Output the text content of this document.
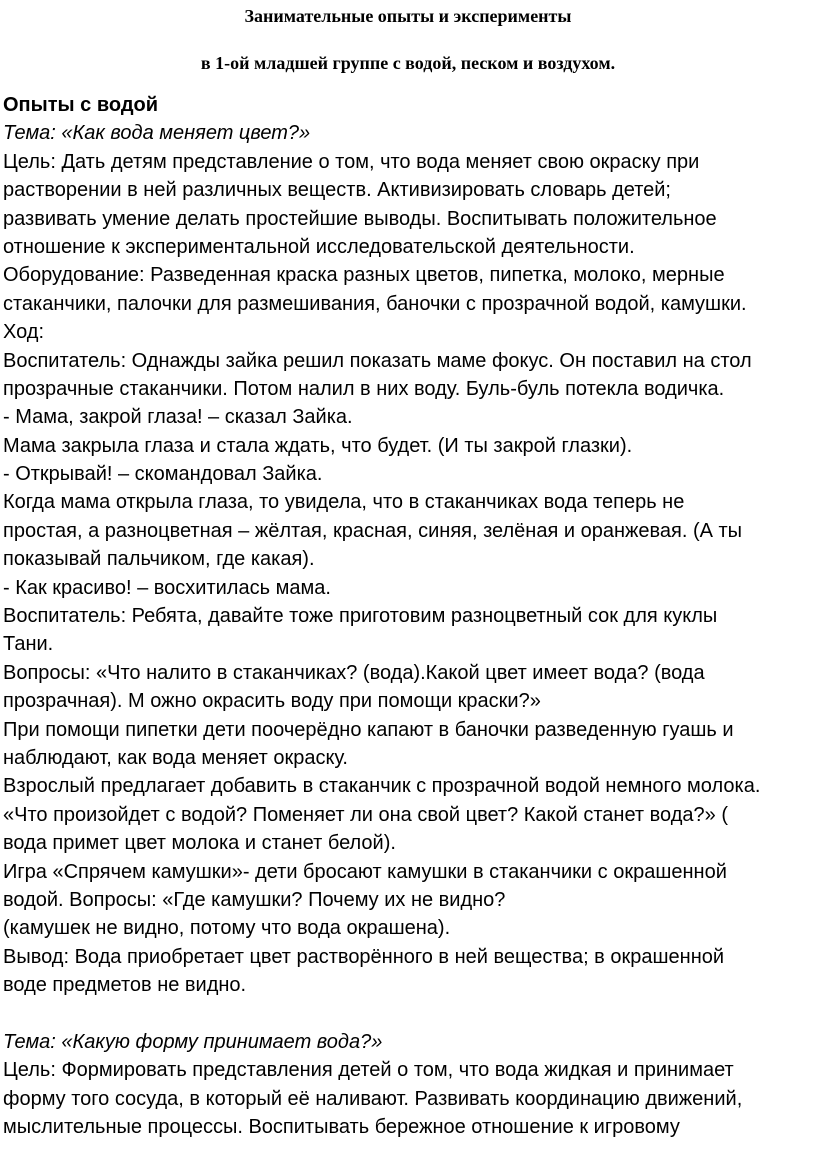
Занимательные опыты и эксперименты

в 1-ой младшей группе с водой, песком и воздухом.

Опыты с водой
Тема: «Как вода меняет цвет?»
Цель: Дать детям представление о том, что вода меняет свою окраску при
растворении в ней различных веществ. Активизировать словарь детей;
развивать умение делать простейшие выводы. Воспитывать положительное
отношение к экспериментальной исследовательской деятельности.
Оборудование: Разведенная краска разных цветов, пипетка, молоко, мерные
стаканчики, палочки для размешивания, баночки с прозрачной водой, камушки.
Ход:
Воспитатель: Однажды зайка решил показать маме фокус. Он поставил на стол
прозрачные стаканчики. Потом налил в них воду. Буль-буль потекла водичка.
- Мама, закрой глаза! – сказал Зайка.
Мама закрыла глаза и стала ждать, что будет. (И ты закрой глазки).
- Открывай! – скомандовал Зайка.
Когда мама открыла глаза, то увидела, что в стаканчиках вода теперь не
простая, а разноцветная – жёлтая, красная, синяя, зелёная и оранжевая. (А ты
показывай пальчиком, где какая).
- Как красиво! – восхитилась мама.
Воспитатель: Ребята, давайте тоже приготовим разноцветный сок для куклы
Тани.
Вопросы: «Что налито в стаканчиках? (вода).Какой цвет имеет вода? (вода
прозрачная). М ожно окрасить воду при помощи краски?»
При помощи пипетки дети поочерёдно капают в баночки разведенную гуашь и
наблюдают, как вода меняет окраску.
Взрослый предлагает добавить в стаканчик с прозрачной водой немного молока.
«Что произойдет с водой? Поменяет ли она свой цвет? Какой станет вода?» (
вода примет цвет молока и станет белой).
Игра «Спрячем камушки»- дети бросают камушки в стаканчики с окрашенной
водой. Вопросы: «Где камушки? Почему их не видно?
(камушек не видно, потому что вода окрашена).
Вывод: Вода приобретает цвет растворённого в ней вещества; в окрашенной
воде предметов не видно.
Тема: «Какую форму принимает вода?»
Цель: Формировать представления детей о том, что вода жидкая и принимает
форму того сосуда, в который её наливают. Развивать координацию движений,
мыслительные процессы. Воспитывать бережное отношение к игровому
